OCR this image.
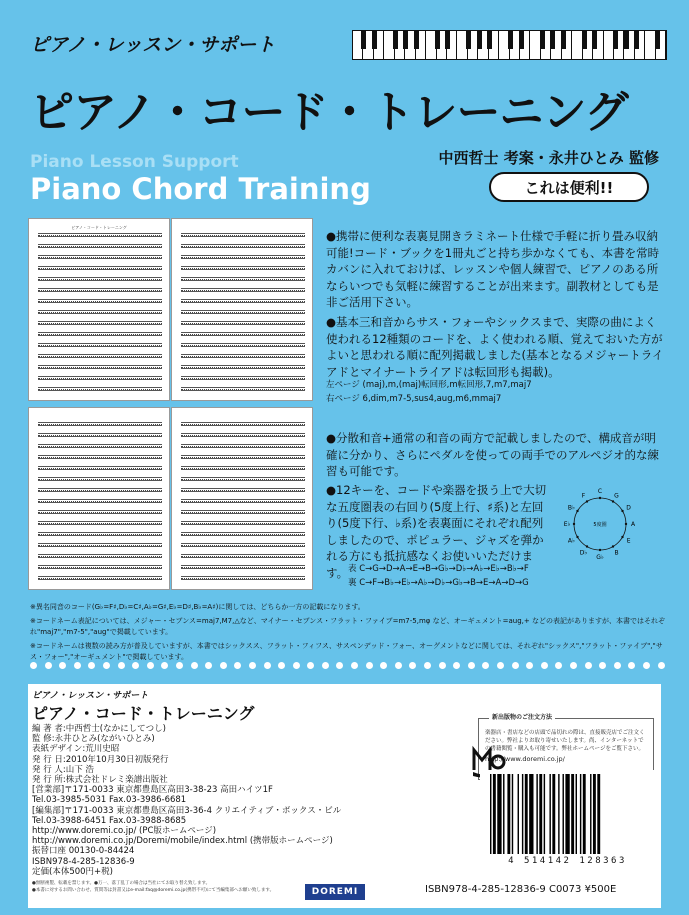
ピアノ・レッスン・サポート
ピアノ・コード・トレーニング
中西哲士 考案・永井ひとみ 監修
Piano Lesson Support
Piano Chord Training	これは便利!!
ピアノ・コード・トレーニング
●携帯に便利な表裏見開きラミネート仕様で手軽に折り畳み収納可能!コード・ブックを1冊丸ごと持ち歩かなくても、本書を常時カバンに入れておけば、レッスンや個人練習で、ピアノのある所ならいつでも気軽に練習することが出来ます。副教材としても是非ご活用下さい。
●基本三和音からサス・フォーやシックスまで、実際の曲によく使われる12種類のコードを、よく使われる順、覚えておいた方がよいと思われる順に配列掲載しました(基本となるメジャートライアドとマイナートライアドは転回形も掲載)。
左ページ (maj),m,(maj)転回形,m転回形,7,m7,maj7
右ページ 6,dim,m7-5,sus4,aug,m6,mmaj7
●分散和音+通常の和音の両方で記載しましたので、構成音が明確に分かり、さらにペダルを使っての両手でのアルペジオ的な練習も可能です。
●12キーを、コードや楽器を扱う上で大切な五度圏表の右回り(5度上行、♯系)と左回り(5度下行、♭系)を表裏面にそれぞれ配列しましたので、ポピュラー、ジャズを弾かれる方にも抵抗感なくお使いいただけます。
5度圏
C
G
D
A
E
B
G♭
D♭
A♭
E♭
B♭
F
表 C→G→D→A→E→B→G♭→D♭→A♭→E♭→B♭→F
裏 C→F→B♭→E♭→A♭→D♭→G♭→B→E→A→D→G
※異名同音のコード(G♭=F♯,D♭=C♯,A♭=G♯,E♭=D♯,B♭=A♯)に関しては、どちらか一方の記載になります。
※コードネーム表記については、メジャー・セブンス=maj7,M7,△など、マイナー・セブンス・フラット・ファイブ=m7-5,mφ など、オーギュメント=aug,+ などの表記がありますが、本書ではそれぞれ"maj7","m7-5","aug"で掲載しています。
※コードネームは複数の読み方が普及していますが、本書ではシックスス、フラット・フィフス、サスペンデッド・フォー、オーグメントなどに関しては、それぞれ"シックス","フラット・ファイブ","サス・フォー","オーギュメント"で掲載しています。
ピアノ・レッスン・サポート
ピアノ・コード・トレーニング
編 著 者:中西哲士(なかにしてつし)
監 修:永井ひとみ(ながいひとみ)
表紙デザイン:荒川史昭
発 行 日:2010年10月30日初版発行
発 行 人:山下 浩
発 行 所:株式会社ドレミ楽譜出版社
[営業部]〒171-0033 東京都豊島区高田3-38-23 高田ハイツ1F
Tel.03-3985-5031 Fax.03-3986-6681
[編集部]〒171-0033 東京都豊島区高田3-36-4 クリエイティブ・ボックス・ビル
Tel.03-3988-6451 Fax.03-3988-8685
http://www.doremi.co.jp/ (PC版ホームページ)
http://www.doremi.co.jp/Doremi/mobile/index.html (携帯版ホームページ)
振替口座 00130-0-84424
ISBN978-4-285-12836-9
定価(本体500円+税)
●無断複製、転載を禁じます。●万一、落丁乱丁の場合は当社にてお取り替え致します。
●本書に対するお問い合わせ、質問等は封書又はe-mail:faq@doremi.co.jp(携帯不可)にて当編集部へお願い致します。
新出版物のご注文方法
楽器店・書店などの店頭で品切れの際は、直接販売店でご注文ください。弊社よりお取り寄せいたします。尚、インターネットでの書籍閲覧・購入も可能です。弊社ホームページをご覧下さい。
http://www.doremi.co.jp/
4 514142 128363
DOREMI	ISBN978-4-285-12836-9 C0073 ¥500E
